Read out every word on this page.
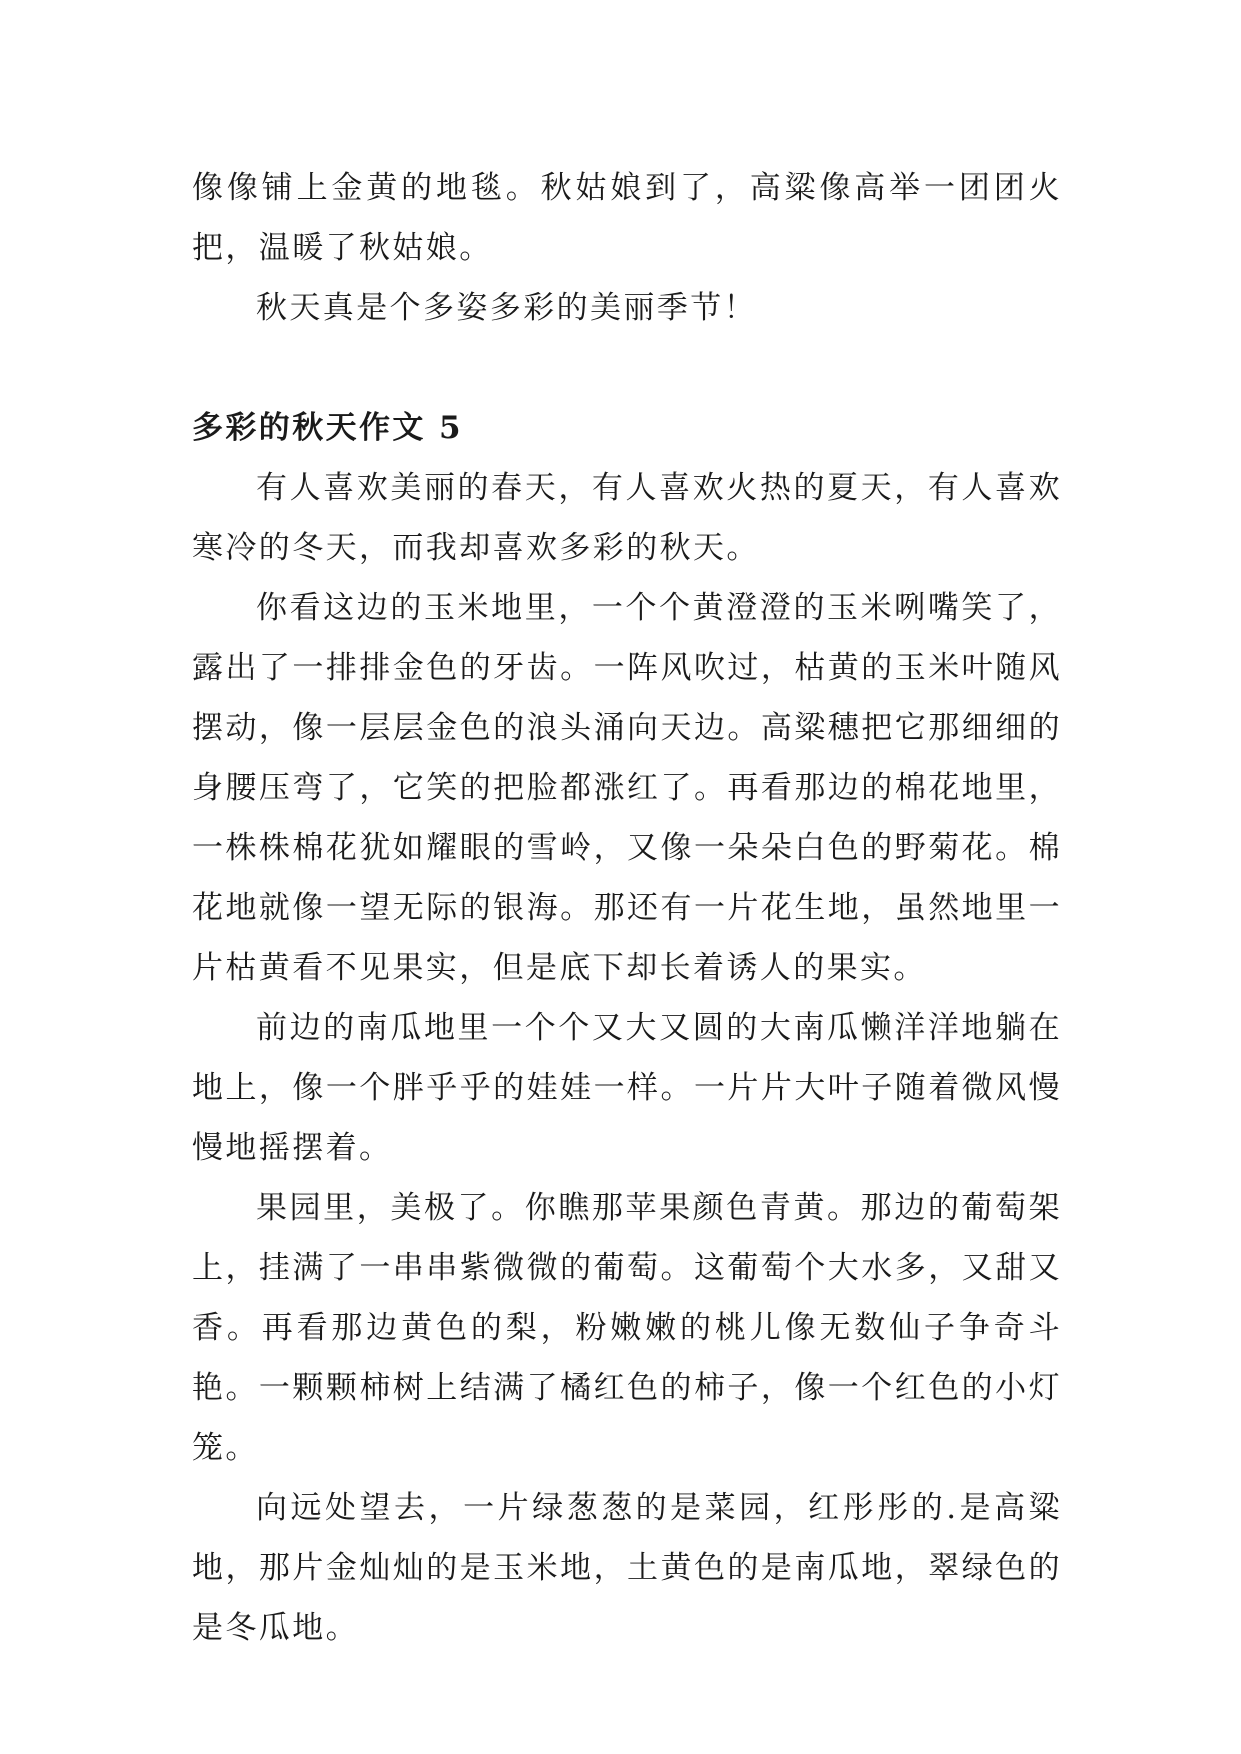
像像铺上金黄的地毯。秋姑娘到了，高粱像高举一团团火把，温暖了秋姑娘。

秋天真是个多姿多彩的美丽季节！

多彩的秋天作文 5

有人喜欢美丽的春天，有人喜欢火热的夏天，有人喜欢寒冷的冬天，而我却喜欢多彩的秋天。

你看这边的玉米地里，一个个黄澄澄的玉米咧嘴笑了，露出了一排排金色的牙齿。一阵风吹过，枯黄的玉米叶随风摆动，像一层层金色的浪头涌向天边。高粱穗把它那细细的身腰压弯了，它笑的把脸都涨红了。再看那边的棉花地里，一株株棉花犹如耀眼的雪岭，又像一朵朵白色的野菊花。棉花地就像一望无际的银海。那还有一片花生地，虽然地里一片枯黄看不见果实，但是底下却长着诱人的果实。

前边的南瓜地里一个个又大又圆的大南瓜懒洋洋地躺在地上，像一个胖乎乎的娃娃一样。一片片大叶子随着微风慢慢地摇摆着。

果园里，美极了。你瞧那苹果颜色青黄。那边的葡萄架上，挂满了一串串紫微微的葡萄。这葡萄个大水多，又甜又香。再看那边黄色的梨，粉嫩嫩的桃儿像无数仙子争奇斗艳。一颗颗柿树上结满了橘红色的柿子，像一个红色的小灯笼。

向远处望去，一片绿葱葱的是菜园，红彤彤的.是高粱地，那片金灿灿的是玉米地，土黄色的是南瓜地，翠绿色的是冬瓜地。
